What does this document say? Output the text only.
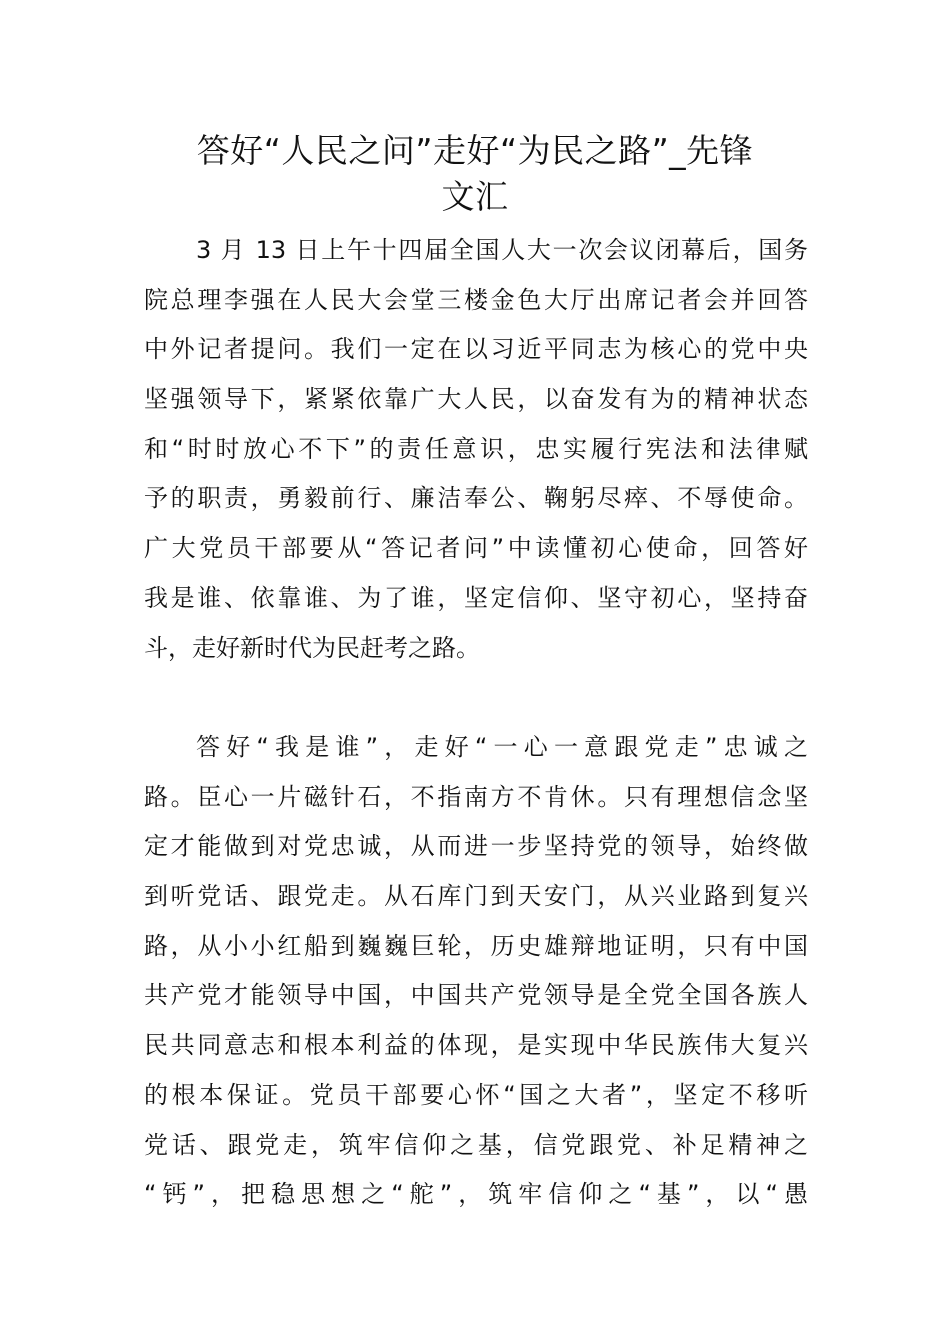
答好“人民之问”走好“为民之路”_先锋
文汇
3 月 13 日上午十四届全国人大一次会议闭幕后，国务
院总理李强在人民大会堂三楼金色大厅出席记者会并回答
中外记者提问。我们一定在以习近平同志为核心的党中央
坚强领导下，紧紧依靠广大人民，以奋发有为的精神状态
和“时时放心不下”的责任意识，忠实履行宪法和法律赋
予的职责，勇毅前行、廉洁奉公、鞠躬尽瘁、不辱使命。
广大党员干部要从“答记者问”中读懂初心使命，回答好
我是谁、依靠谁、为了谁，坚定信仰、坚守初心，坚持奋
斗，走好新时代为民赶考之路。
答好“我是谁”，走好“一心一意跟党走”忠诚之
路。臣心一片磁针石，不指南方不肯休。只有理想信念坚
定才能做到对党忠诚，从而进一步坚持党的领导，始终做
到听党话、跟党走。从石库门到天安门，从兴业路到复兴
路，从小小红船到巍巍巨轮，历史雄辩地证明，只有中国
共产党才能领导中国，中国共产党领导是全党全国各族人
民共同意志和根本利益的体现，是实现中华民族伟大复兴
的根本保证。党员干部要心怀“国之大者”，坚定不移听
党话、跟党走，筑牢信仰之基，信党跟党、补足精神之
“钙”，把稳思想之“舵”，筑牢信仰之“基”，以“愚
